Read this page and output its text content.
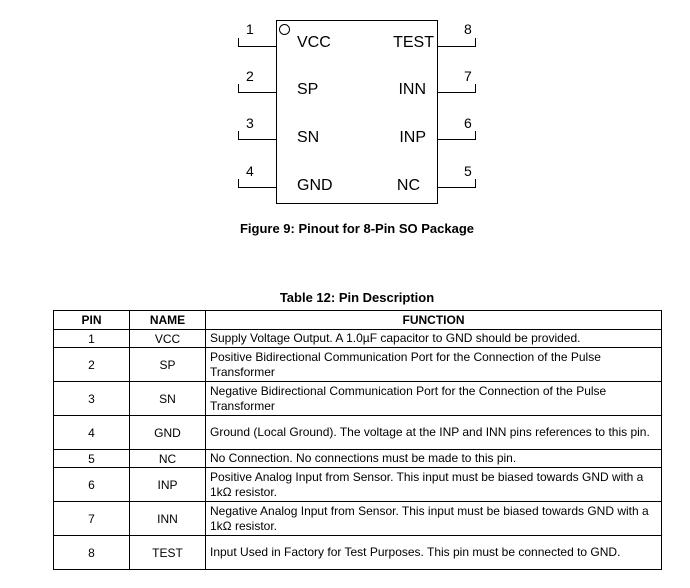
1
2
3
4
8
7
6
5
VCC
SP
SN
GND
TEST
INN
INP
NC
Figure 9: Pinout for 8-Pin SO Package
Table 12: Pin Description
PIN	NAME	FUNCTION
1	VCC	Supply Voltage Output. A 1.0µF capacitor to GND should be provided.
2	SP	Positive Bidirectional Communication Port for the Connection of the Pulse Transformer
3	SN	Negative Bidirectional Communication Port for the Connection of the Pulse Transformer
4	GND	Ground (Local Ground). The voltage at the INP and INN pins references to this pin.
5	NC	No Connection. No connections must be made to this pin.
6	INP	Positive Analog Input from Sensor. This input must be biased towards GND with a 1kΩ resistor.
7	INN	Negative Analog Input from Sensor. This input must be biased towards GND with a 1kΩ resistor.
8	TEST	Input Used in Factory for Test Purposes. This pin must be connected to GND.
